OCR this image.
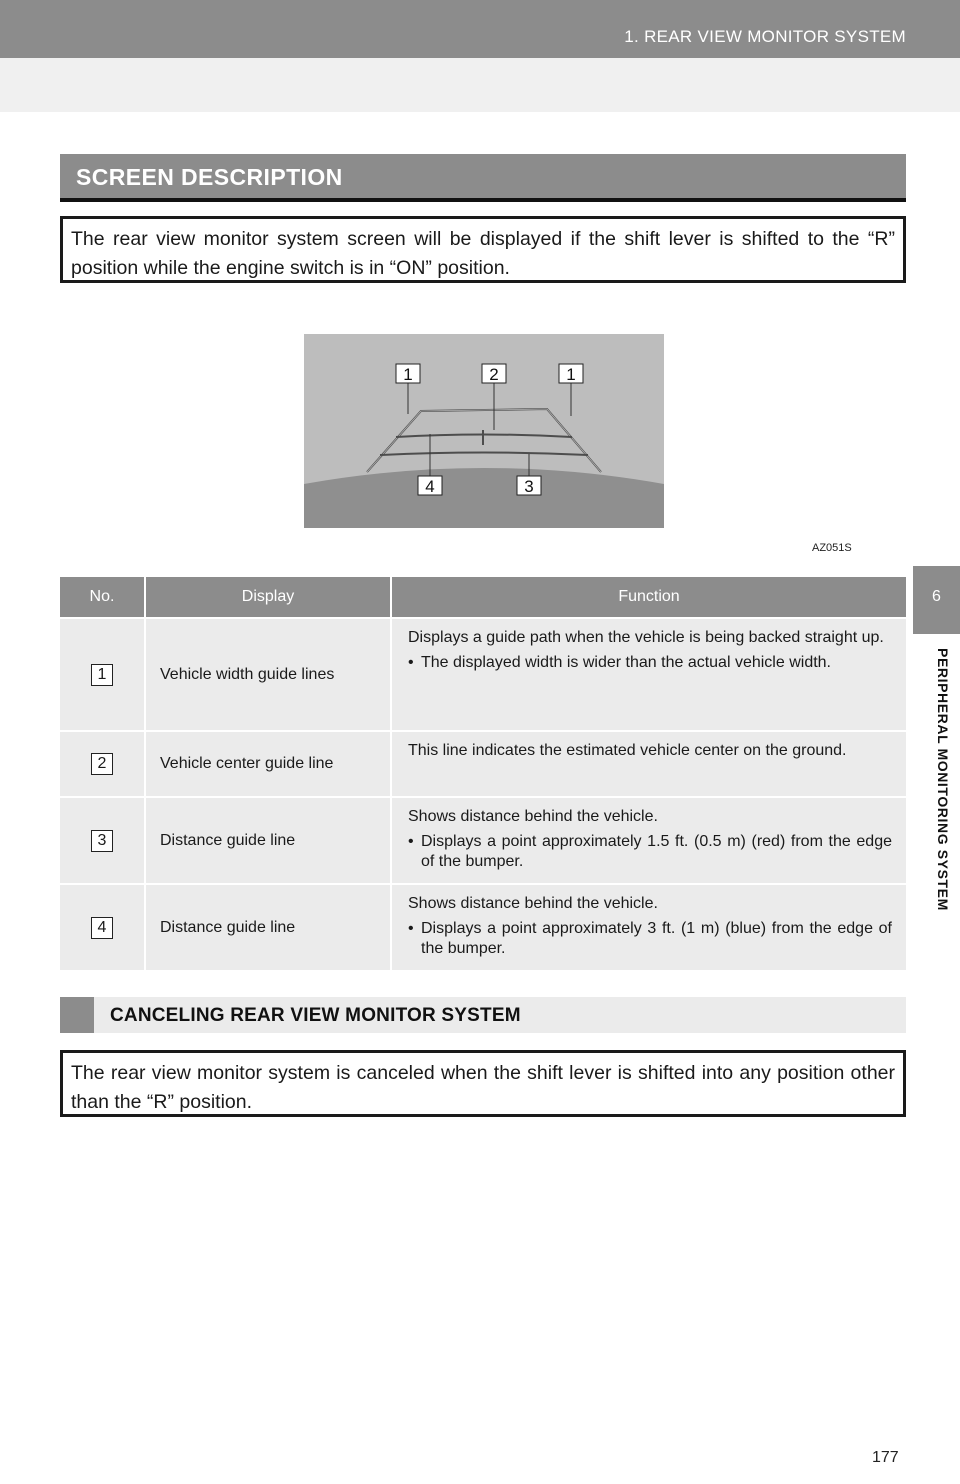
1. REAR VIEW MONITOR SYSTEM
6
PERIPHERAL MONITORING SYSTEM
SCREEN DESCRIPTION
The rear view monitor system screen will be displayed if the shift lever is shifted to the “R” position while the engine switch is in “ON” position.
1	2	1
4	3
AZ051S
No.	Display	Function
1	Vehicle width guide lines
Displays a guide path when the vehicle is being backed straight up.
• The displayed width is wider than the actual vehicle width.
2	Vehicle center guide line
This line indicates the estimated vehicle center on the ground.
3	Distance guide line
Shows distance behind the vehicle.
• Displays a point approximately 1.5 ft. (0.5 m) (red) from the edge of the bumper.
4	Distance guide line
Shows distance behind the vehicle.
• Displays a point approximately 3 ft. (1 m) (blue) from the edge of the bumper.
CANCELING REAR VIEW MONITOR SYSTEM
The rear view monitor system is canceled when the shift lever is shifted into any position other than the “R” position.
177
